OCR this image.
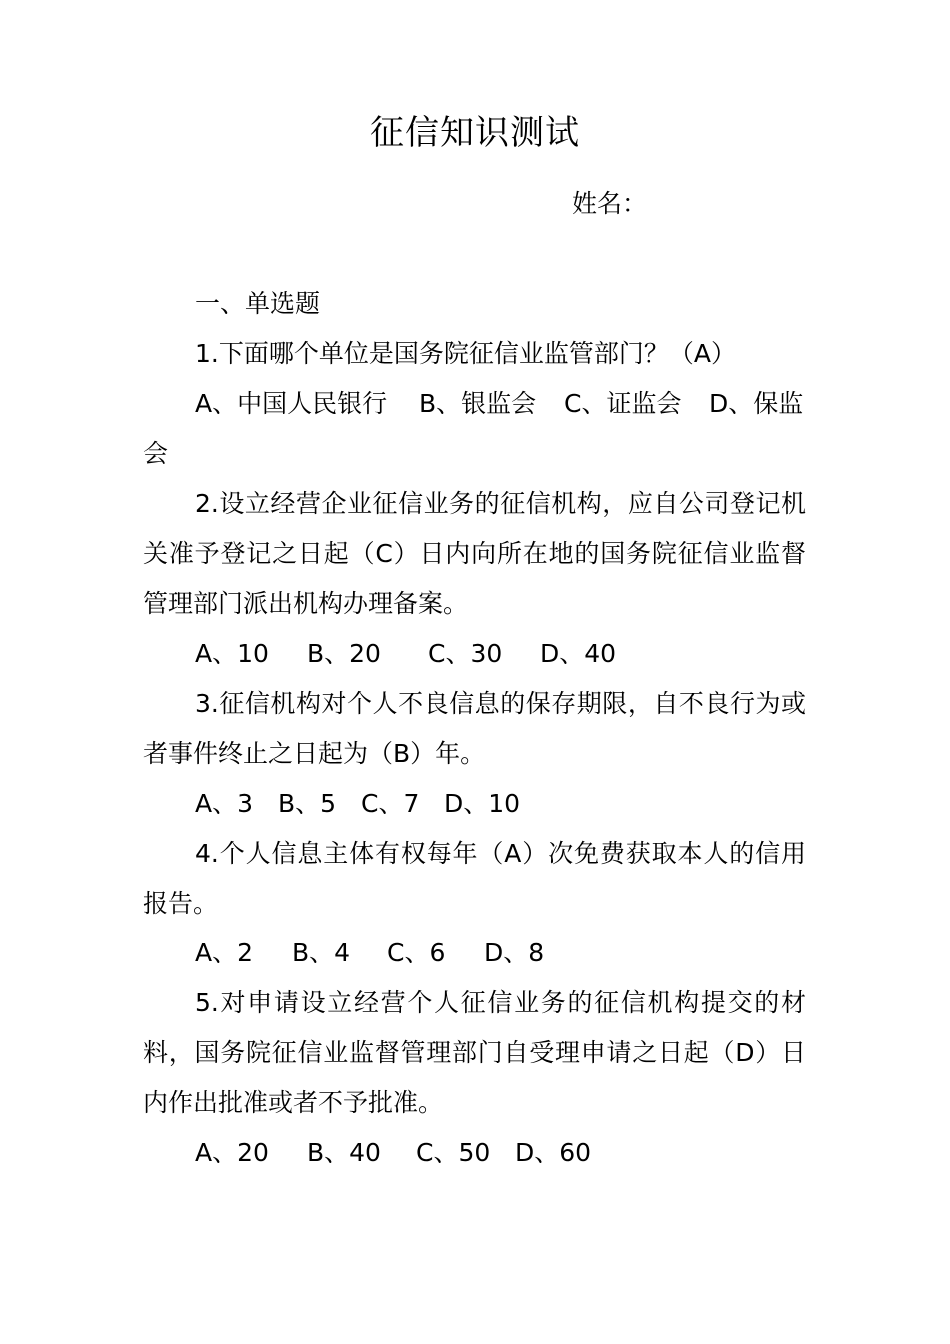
征信知识测试
姓名：
一、单选题
1.下面哪个单位是国务院征信业监管部门？（A）
A、中国人民银行 B、银监会 C、证监会 D、保监
会
2.设立经营企业征信业务的征信机构，应自公司登记机
关准予登记之日起（C）日内向所在地的国务院征信业监督
管理部门派出机构办理备案。
A、10 B、20 C、30 D、40
3.征信机构对个人不良信息的保存期限，自不良行为或
者事件终止之日起为（B）年。
A、3 B、5 C、7 D、10
4.个人信息主体有权每年（A）次免费获取本人的信用
报告。
A、2 B、4 C、6 D、8
5.对申请设立经营个人征信业务的征信机构提交的材
料，国务院征信业监督管理部门自受理申请之日起（D）日
内作出批准或者不予批准。
A、20 B、40 C、50 D、60
